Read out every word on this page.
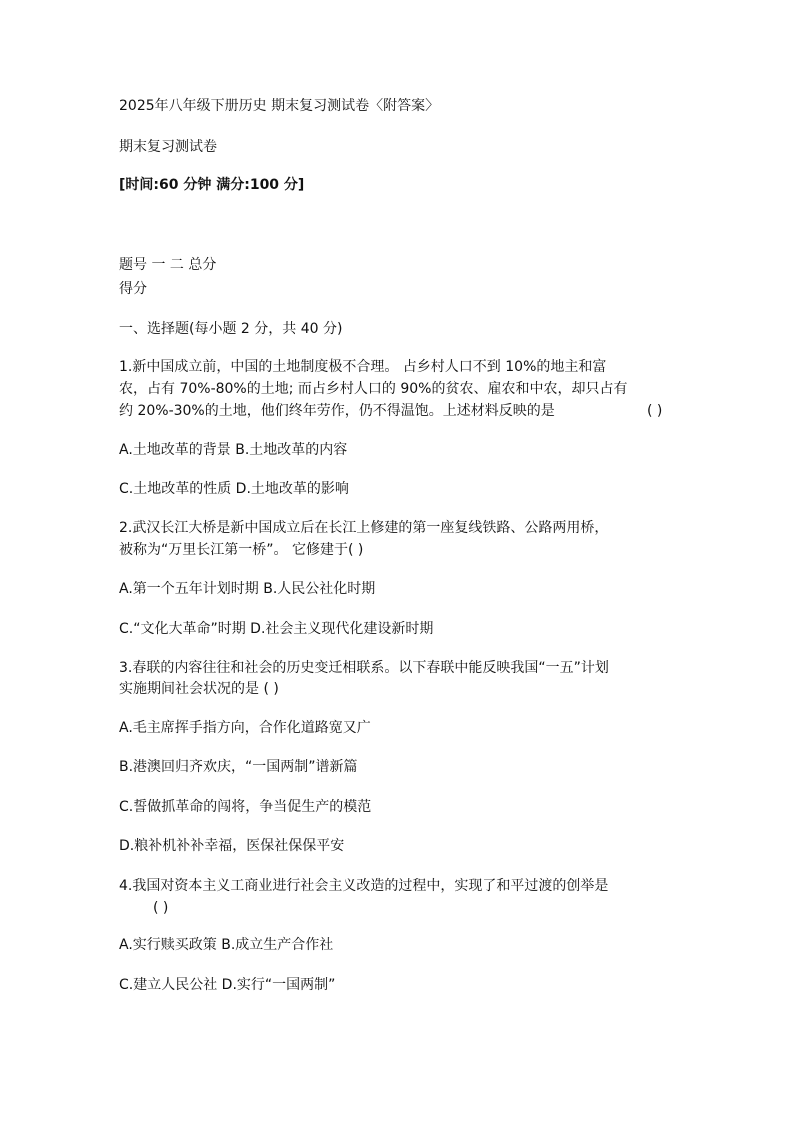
2025年八年级下册历史 期末复习测试卷〈附答案〉
期末复习测试卷
[时间:60 分钟 满分:100 分]
题号 一 二 总分
得分
一、选择题(每小题 2 分，共 40 分)
1.新中国成立前，中国的土地制度极不合理。 占乡村人口不到 10%的地主和富
农，占有 70%-80%的土地; 而占乡村人口的 90%的贫农、雇农和中农，却只占有
约 20%-30%的土地，他们终年劳作，仍不得温饱。上述材料反映的是	( )
A.土地改革的背景 B.土地改革的内容
C.土地改革的性质 D.土地改革的影响
2.武汉长江大桥是新中国成立后在长江上修建的第一座复线铁路、公路两用桥，
被称为“万里长江第一桥”。 它修建于( )
A.第一个五年计划时期 B.人民公社化时期
C.“文化大革命”时期 D.社会主义现代化建设新时期
3.春联的内容往往和社会的历史变迁相联系。以下春联中能反映我国“一五”计划
实施期间社会状况的是 ( )
A.毛主席挥手指方向，合作化道路宽又广
B.港澳回归齐欢庆，“一国两制”谱新篇
C.誓做抓革命的闯将，争当促生产的模范
D.粮补机补补幸福，医保社保保平安
4.我国对资本主义工商业进行社会主义改造的过程中，实现了和平过渡的创举是
( )
A.实行赎买政策 B.成立生产合作社
C.建立人民公社 D.实行“一国两制”
